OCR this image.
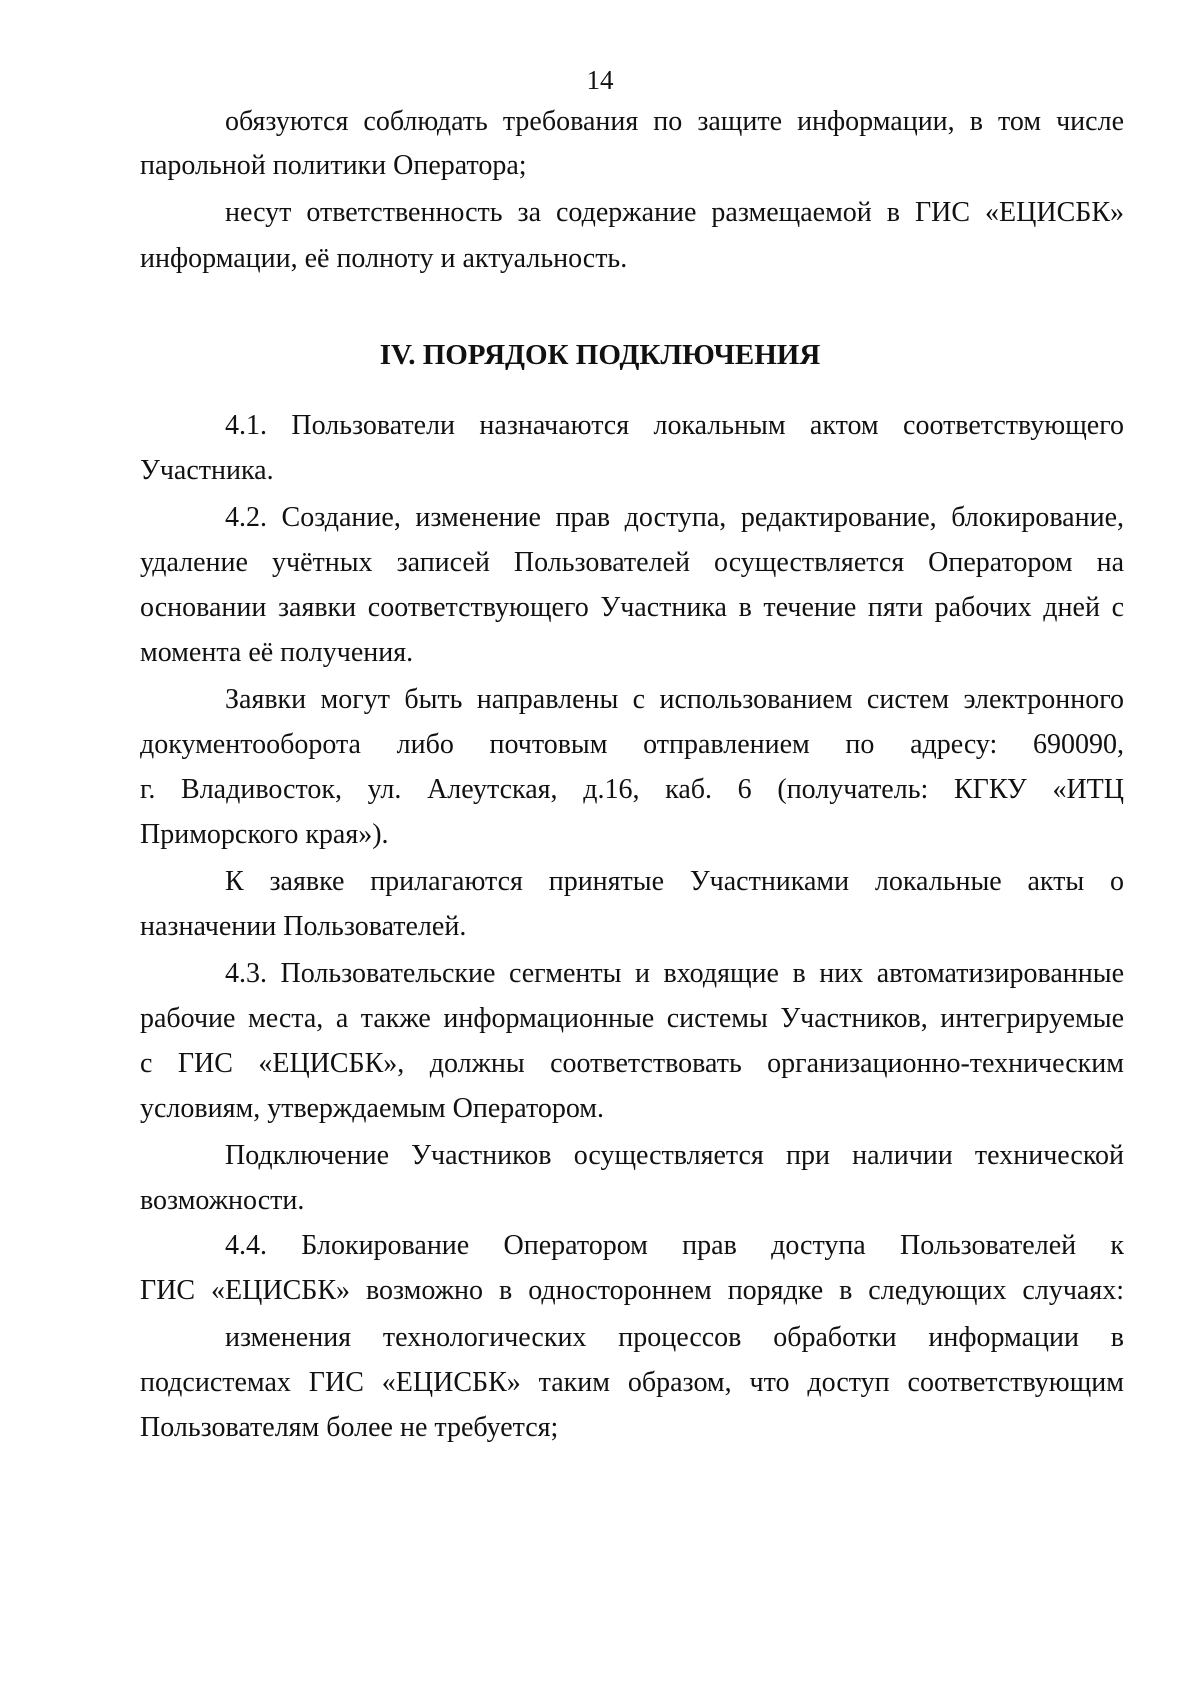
14
IV. ПОРЯДОК ПОДКЛЮЧЕНИЯ
обязуются соблюдать требования по защите информации, в том числе
парольной политики Оператора;
несут ответственность за содержание размещаемой в ГИС «ЕЦИСБК»
информации, её полноту и актуальность.
4.1. Пользователи назначаются локальным актом соответствующего
Участника.
4.2. Создание, изменение прав доступа, редактирование, блокирование,
удаление учётных записей Пользователей осуществляется Оператором на
основании заявки соответствующего Участника в течение пяти рабочих дней с
момента её получения.
Заявки могут быть направлены с использованием систем электронного
документооборота либо почтовым отправлением по адресу: 690090,
г. Владивосток, ул. Алеутская, д.16, каб. 6 (получатель: КГКУ «ИТЦ
Приморского края»).
К заявке прилагаются принятые Участниками локальные акты о
назначении Пользователей.
4.3. Пользовательские сегменты и входящие в них автоматизированные
рабочие места, а также информационные системы Участников, интегрируемые
с ГИС «ЕЦИСБК», должны соответствовать организационно-техническим
условиям, утверждаемым Оператором.
Подключение Участников осуществляется при наличии технической
возможности.
4.4. Блокирование Оператором прав доступа Пользователей к
ГИС «ЕЦИСБК» возможно в одностороннем порядке в следующих случаях:
изменения технологических процессов обработки информации в
подсистемах ГИС «ЕЦИСБК» таким образом, что доступ соответствующим
Пользователям более не требуется;
